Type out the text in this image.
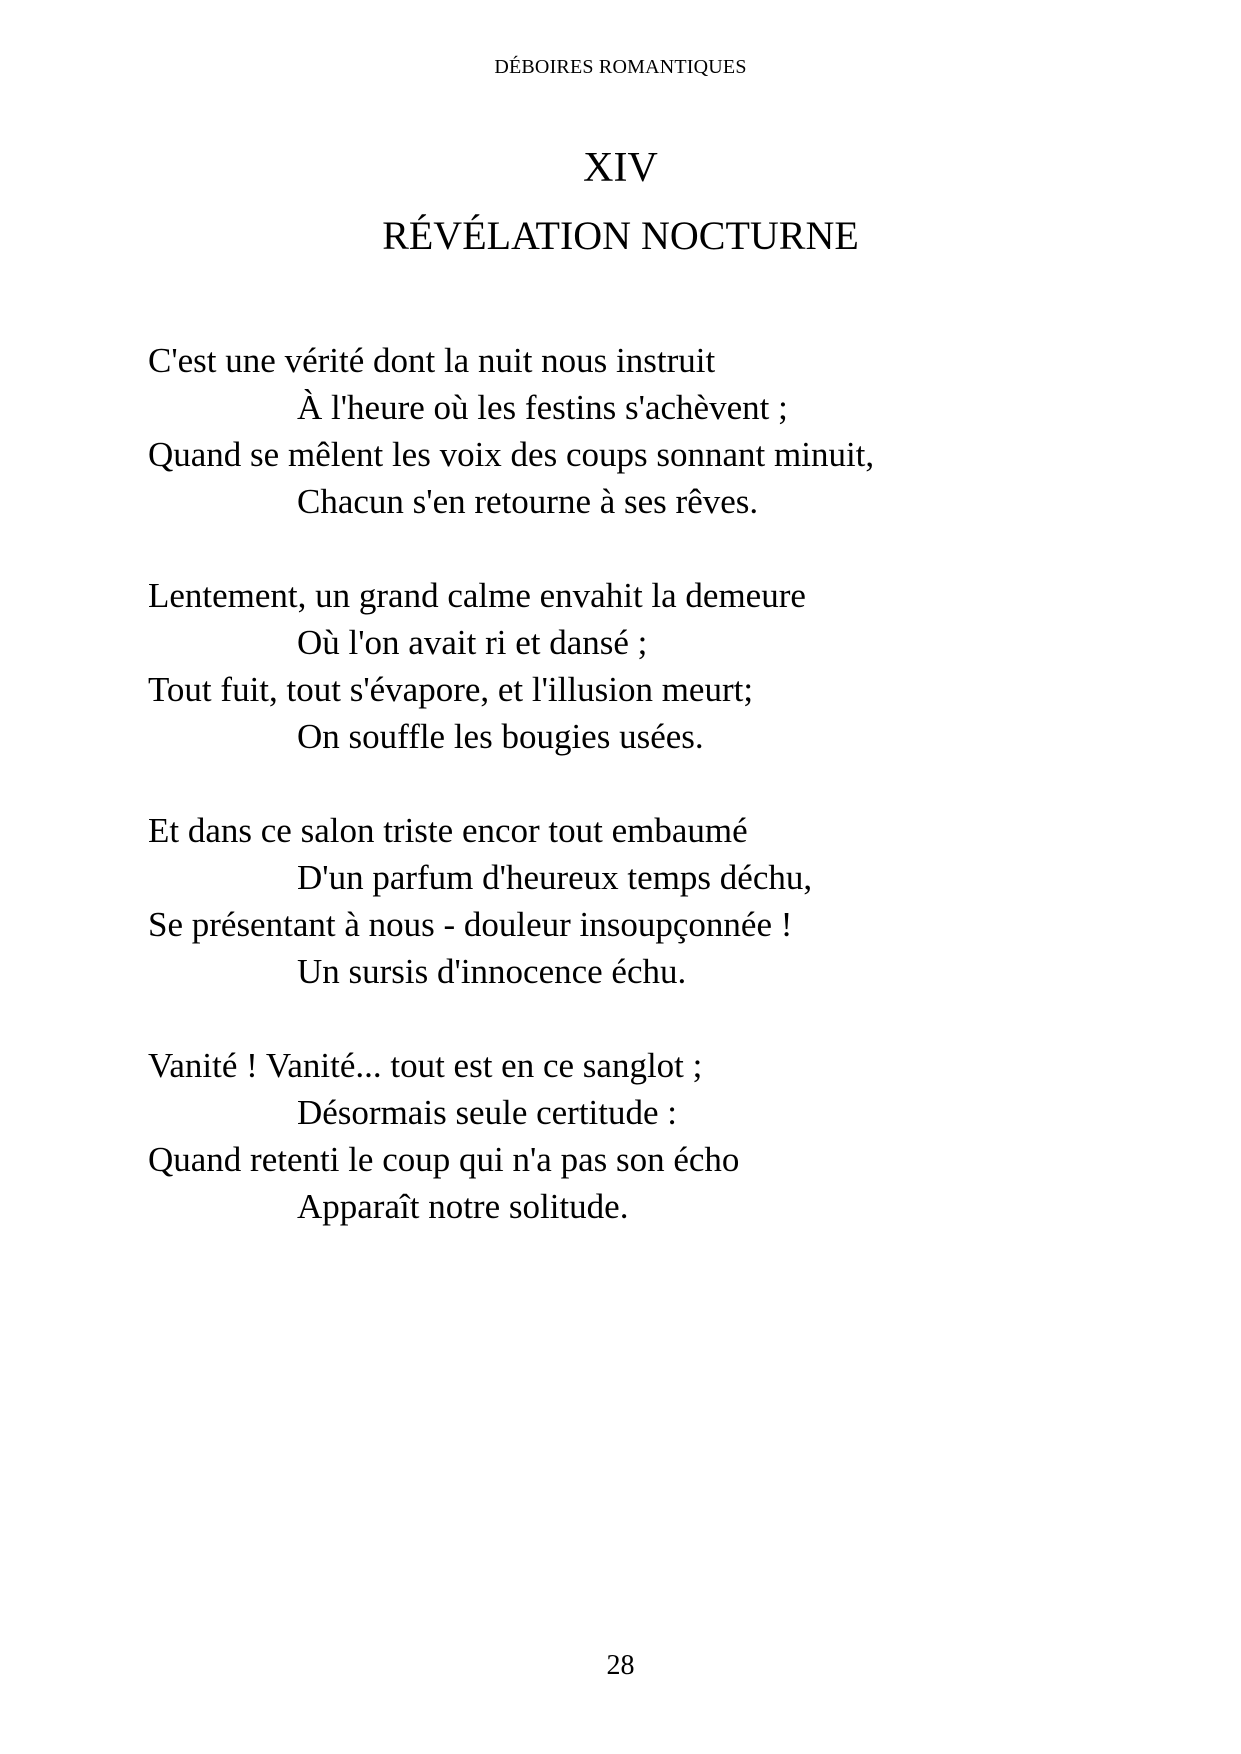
DÉBOIRES ROMANTIQUES
XIV
RÉVÉLATION NOCTURNE
C'est une vérité dont la nuit nous instruit
À l'heure où les festins s'achèvent ;
Quand se mêlent les voix des coups sonnant minuit,
Chacun s'en retourne à ses rêves.
Lentement, un grand calme envahit la demeure
Où l'on avait ri et dansé ;
Tout fuit, tout s'évapore, et l'illusion meurt;
On souffle les bougies usées.
Et dans ce salon triste encor tout embaumé
D'un parfum d'heureux temps déchu,
Se présentant à nous - douleur insoupçonnée !
Un sursis d'innocence échu.
Vanité ! Vanité... tout est en ce sanglot ;
Désormais seule certitude :
Quand retenti le coup qui n'a pas son écho
Apparaît notre solitude.
28
